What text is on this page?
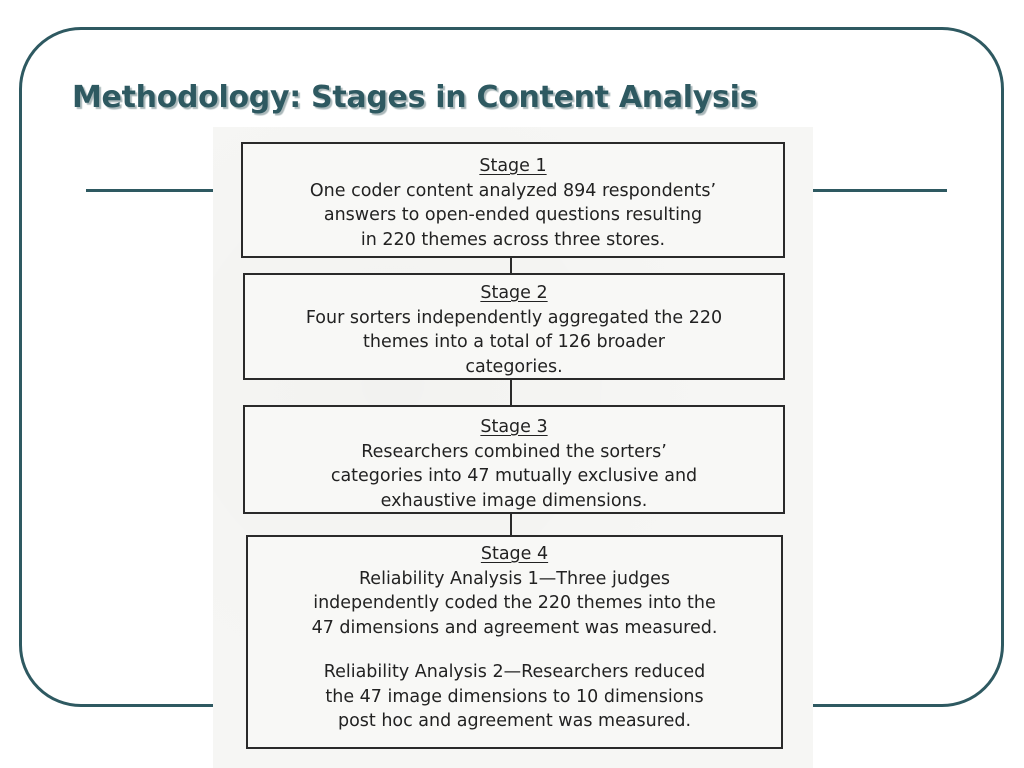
Methodology: Stages in Content Analysis
Stage 1
One coder content analyzed 894 respondents’
answers to open-ended questions resulting
in 220 themes across three stores.
Stage 2
Four sorters independently aggregated the 220
themes into a total of 126 broader
categories.
Stage 3
Researchers combined the sorters’
categories into 47 mutually exclusive and
exhaustive image dimensions.
Stage 4
Reliability Analysis 1—Three judges
independently coded the 220 themes into the
47 dimensions and agreement was measured.
Reliability Analysis 2—Researchers reduced
the 47 image dimensions to 10 dimensions
post hoc and agreement was measured.
